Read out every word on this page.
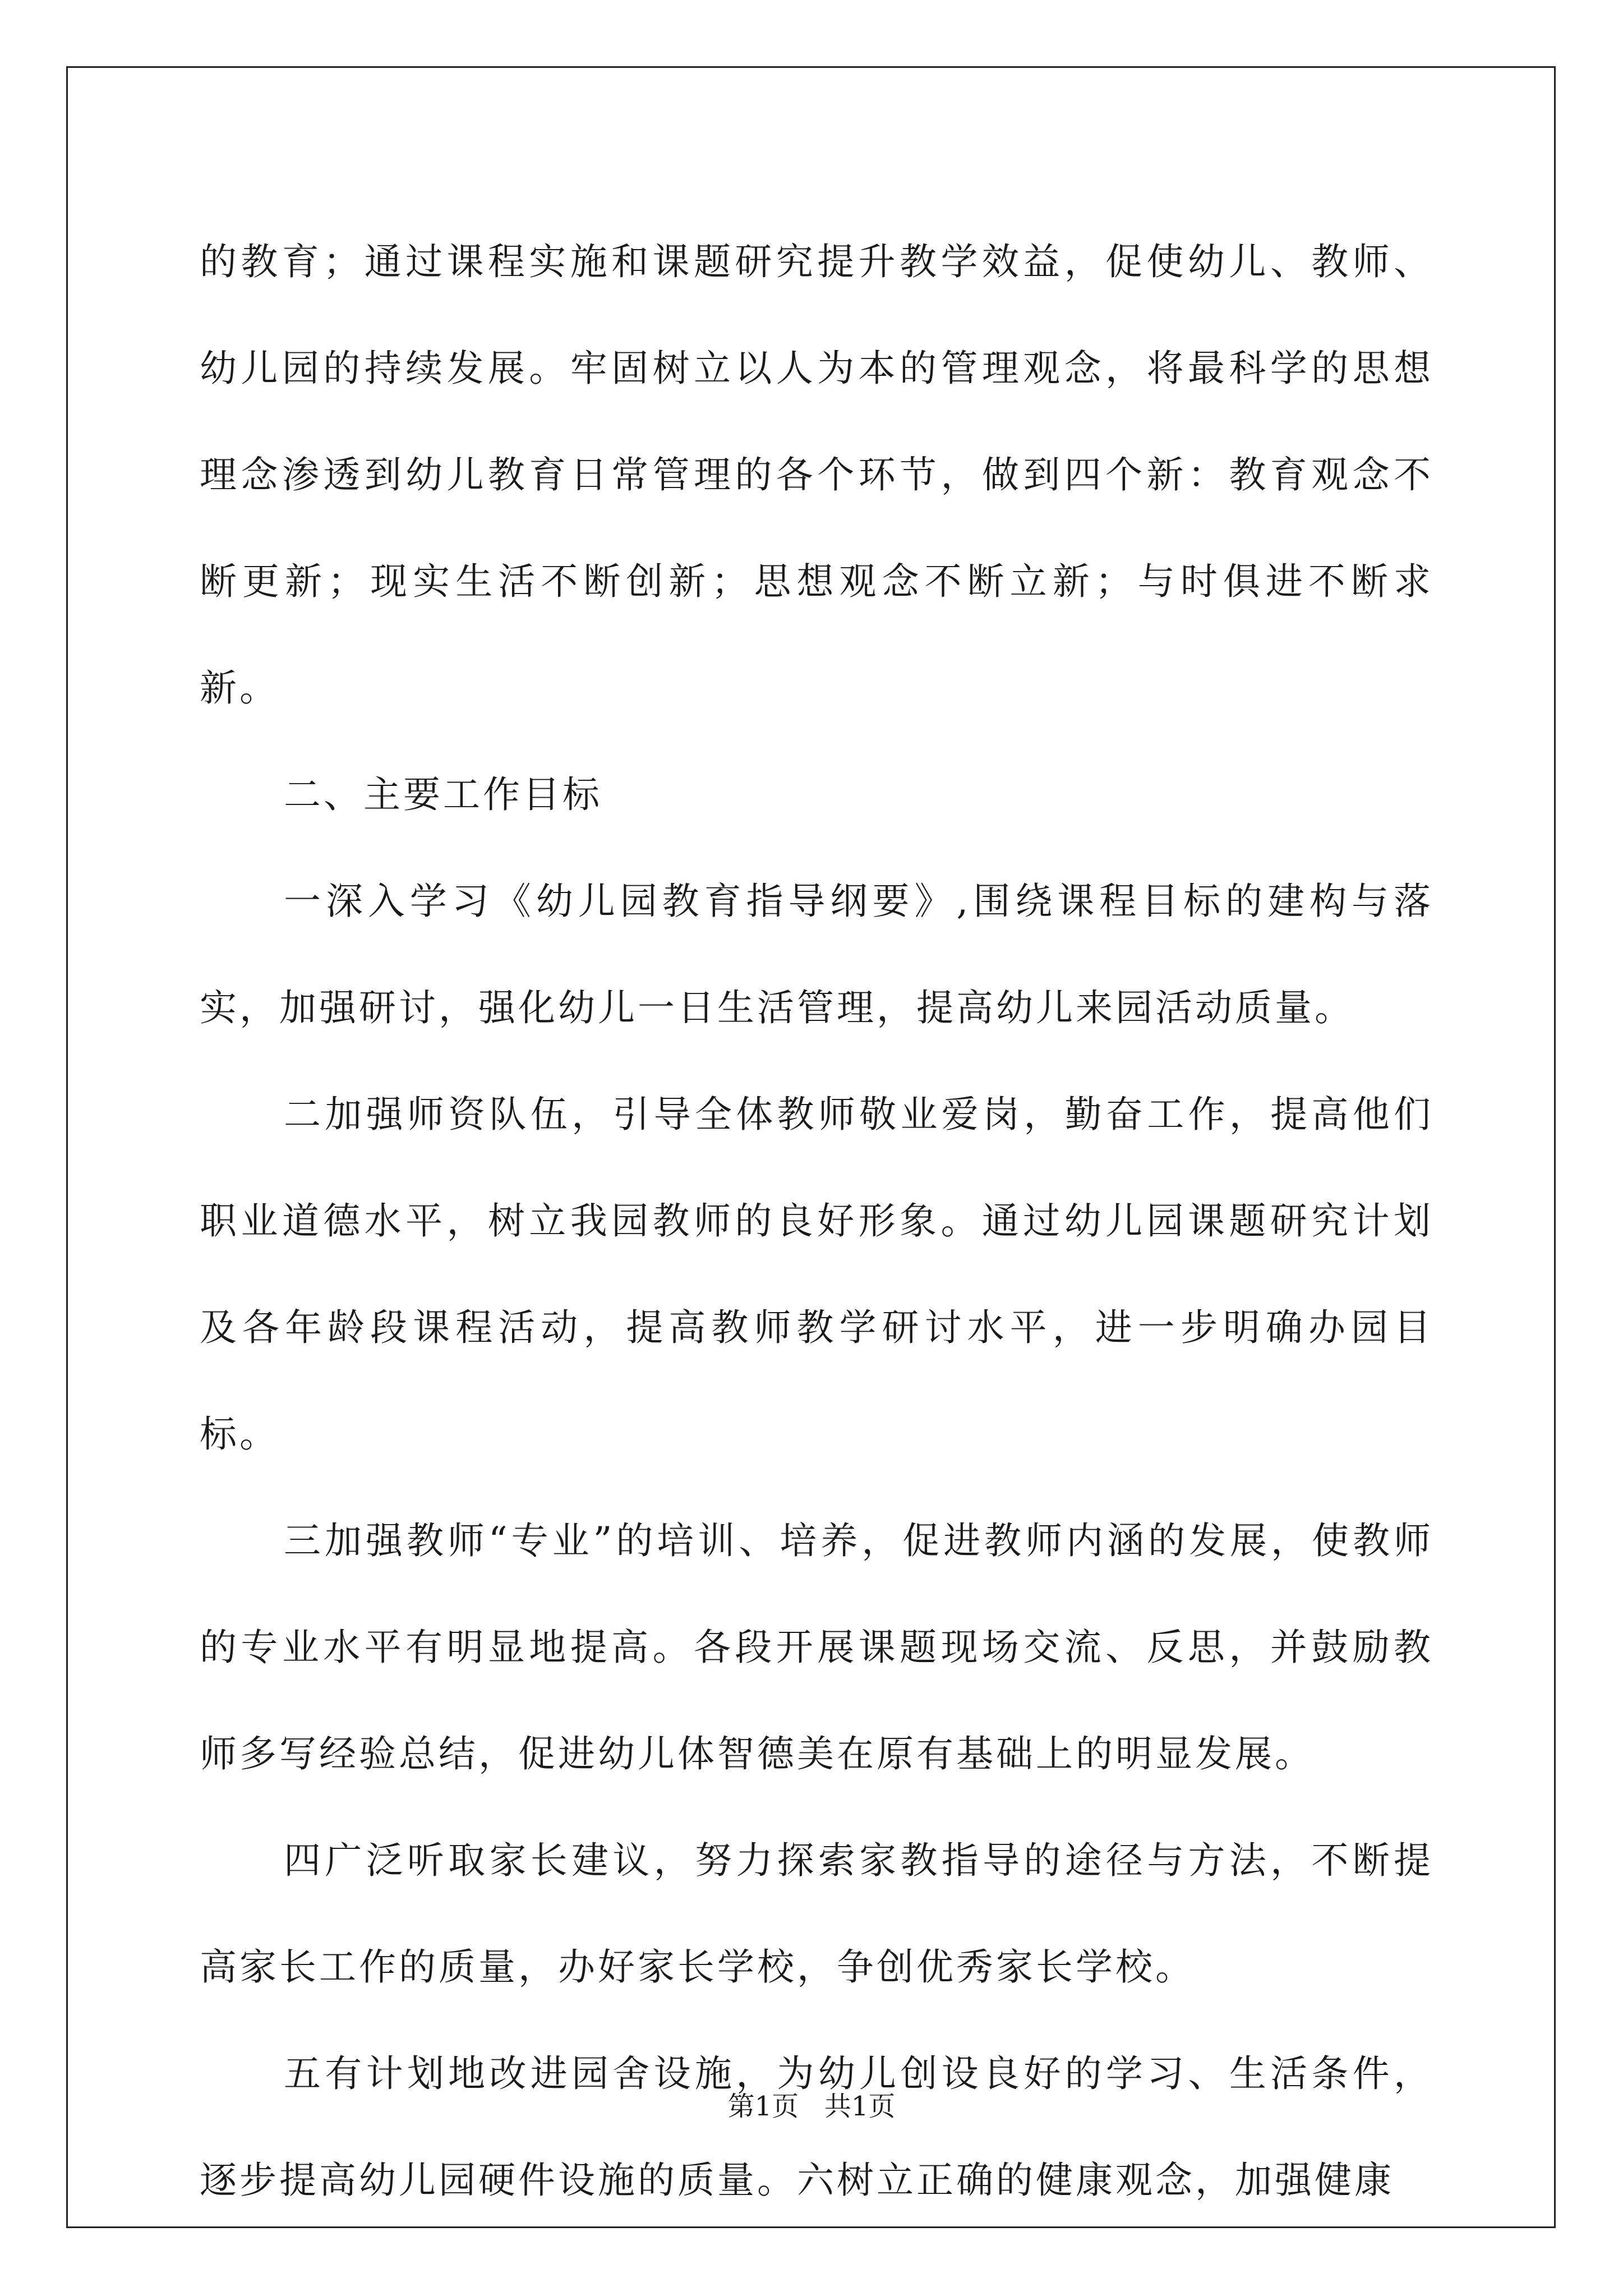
的教育；通过课程实施和课题研究提升教学效益，促使幼儿、教师、幼儿园的持续发展。牢固树立以人为本的管理观念，将最科学的思想理念渗透到幼儿教育日常管理的各个环节，做到四个新：教育观念不断更新；现实生活不断创新；思想观念不断立新；与时俱进不断求新。

二、主要工作目标

一深入学习《幼儿园教育指导纲要》,围绕课程目标的建构与落实，加强研讨，强化幼儿一日生活管理，提高幼儿来园活动质量。

二加强师资队伍，引导全体教师敬业爱岗，勤奋工作，提高他们职业道德水平，树立我园教师的良好形象。通过幼儿园课题研究计划及各年龄段课程活动，提高教师教学研讨水平，进一步明确办园目标。

三加强教师“专业”的培训、培养，促进教师内涵的发展，使教师的专业水平有明显地提高。各段开展课题现场交流、反思，并鼓励教师多写经验总结，促进幼儿体智德美在原有基础上的明显发展。

四广泛听取家长建议，努力探索家教指导的途径与方法，不断提高家长工作的质量，办好家长学校，争创优秀家长学校。

五有计划地改进园舍设施，为幼儿创设良好的学习、生活条件，逐步提高幼儿园硬件设施的质量。六树立正确的健康观念，加强健康

第1页   共1页
